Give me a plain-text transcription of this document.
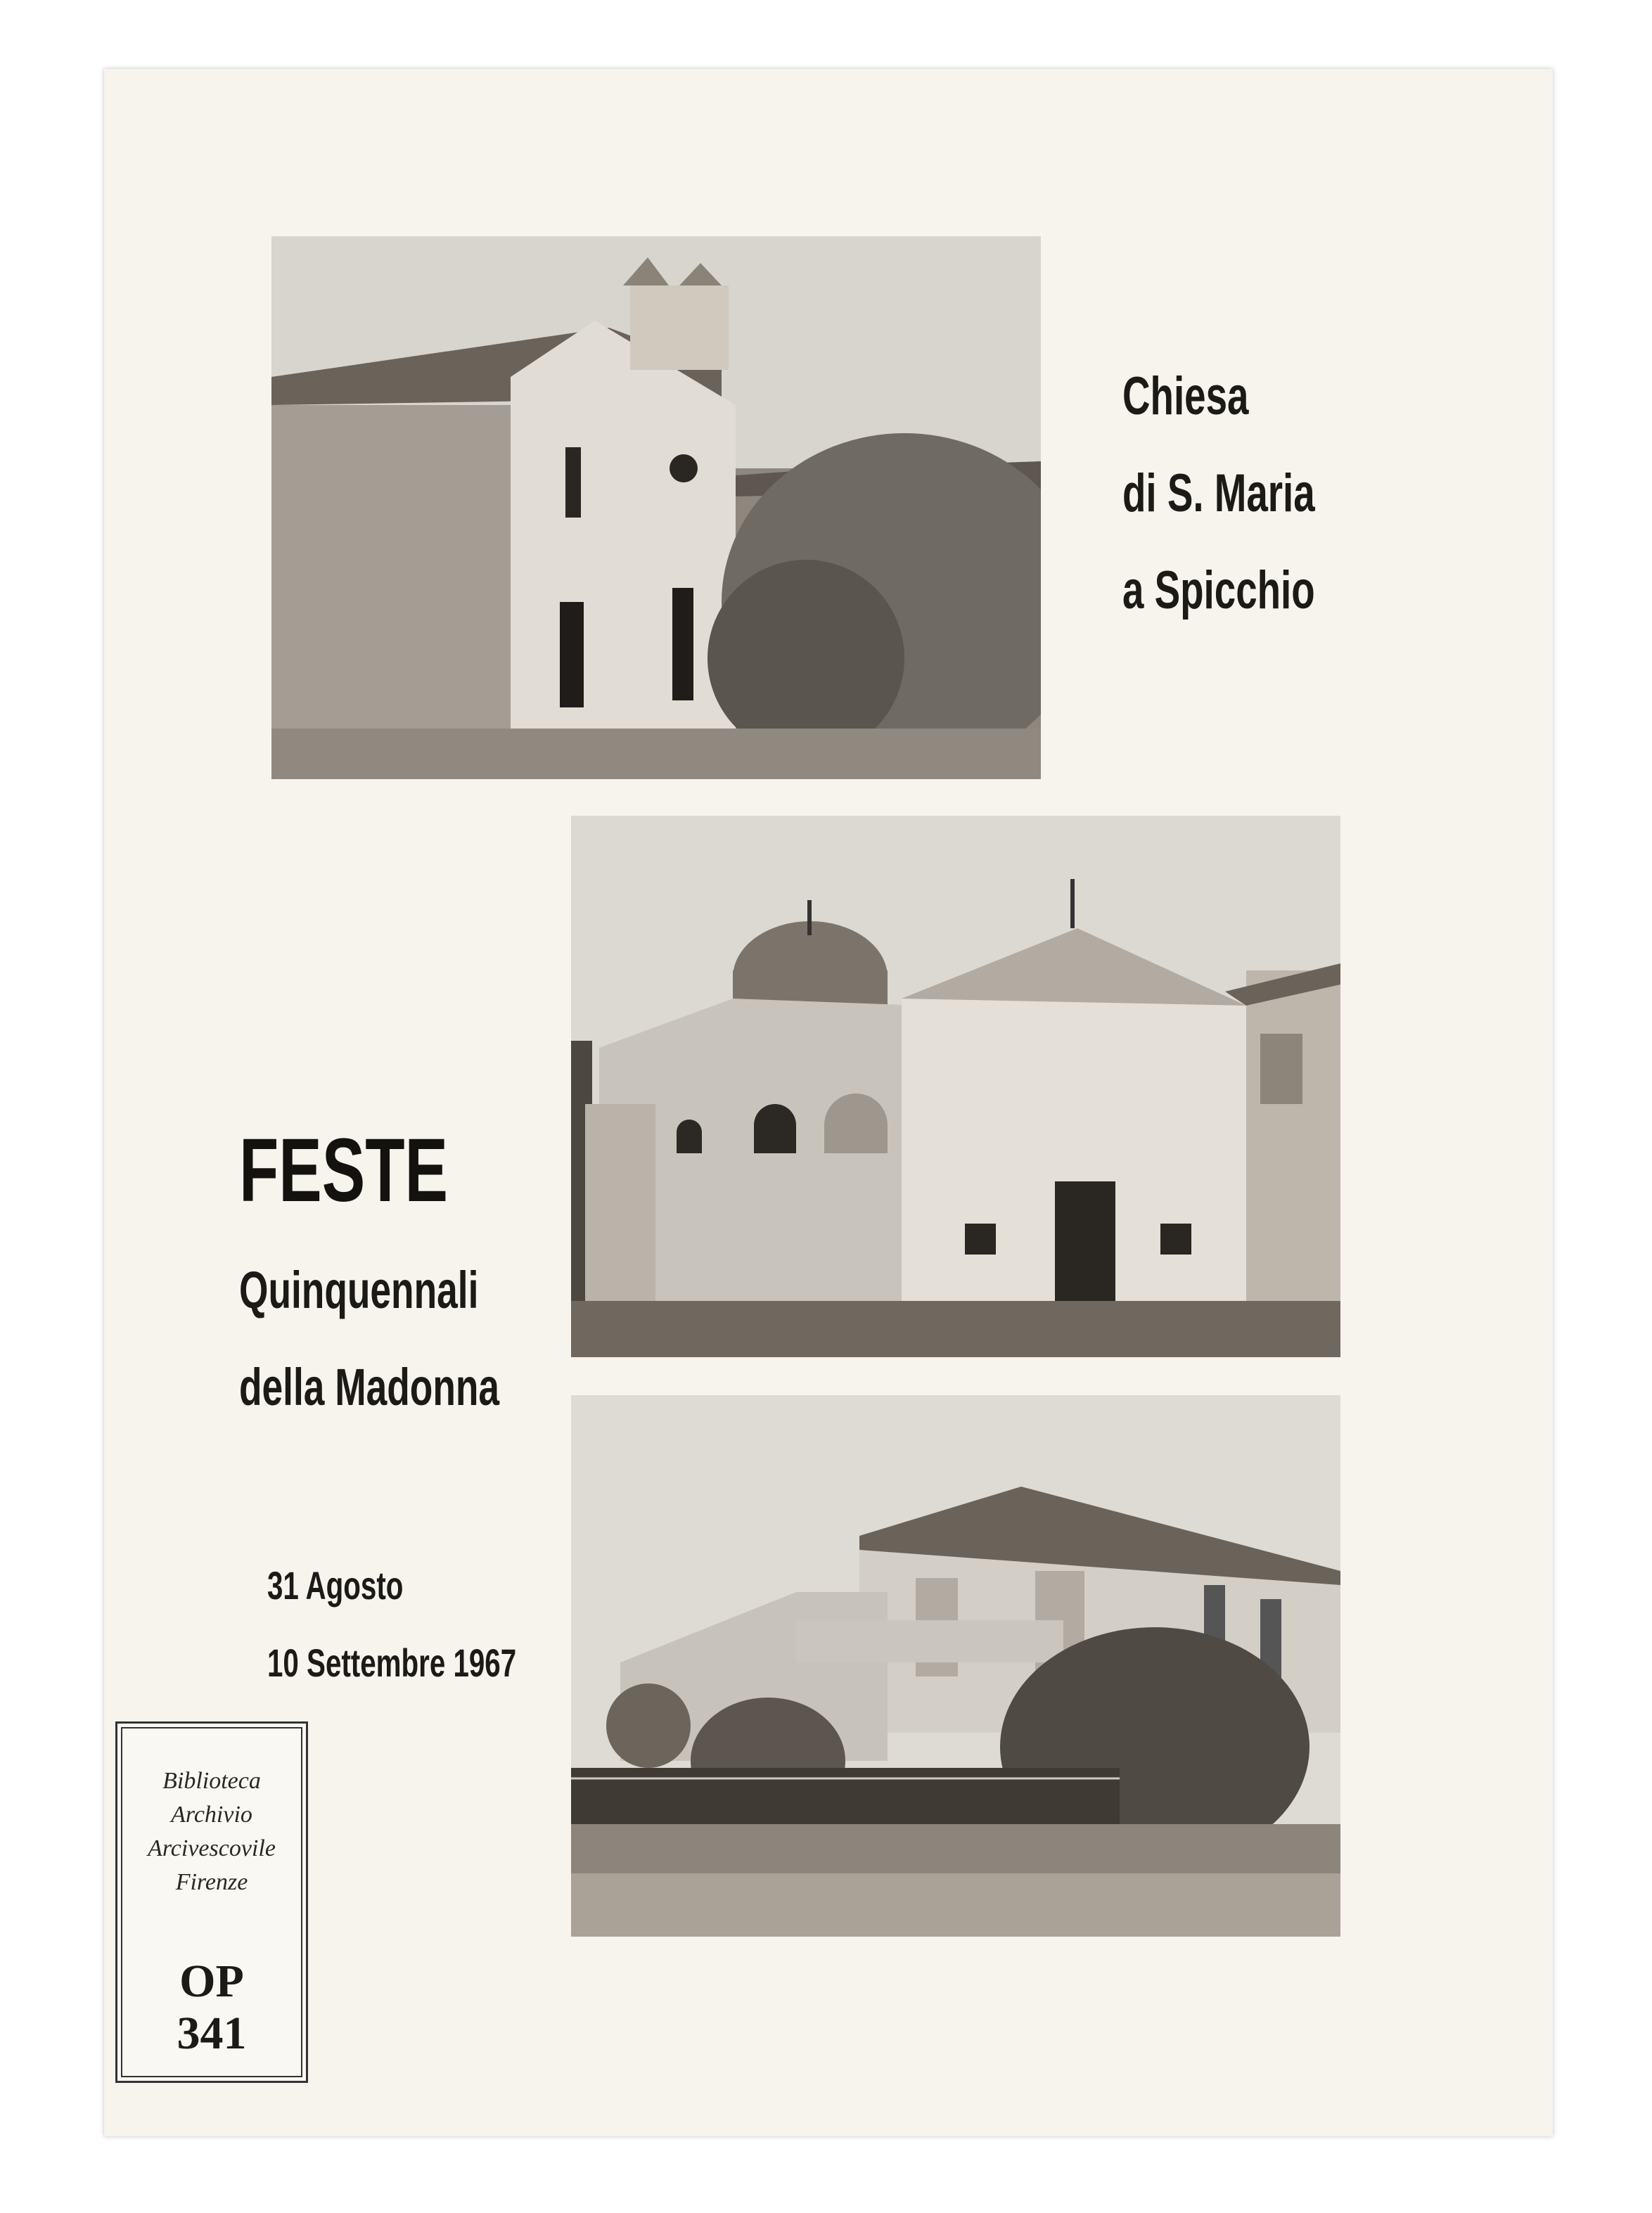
Chiesa
di S. Maria
a Spicchio
FESTE
Quinquennali
della Madonna
31 Agosto
10 Settembre 1967
Biblioteca
Archivio
Arcivescovile
Firenze
OP
341
